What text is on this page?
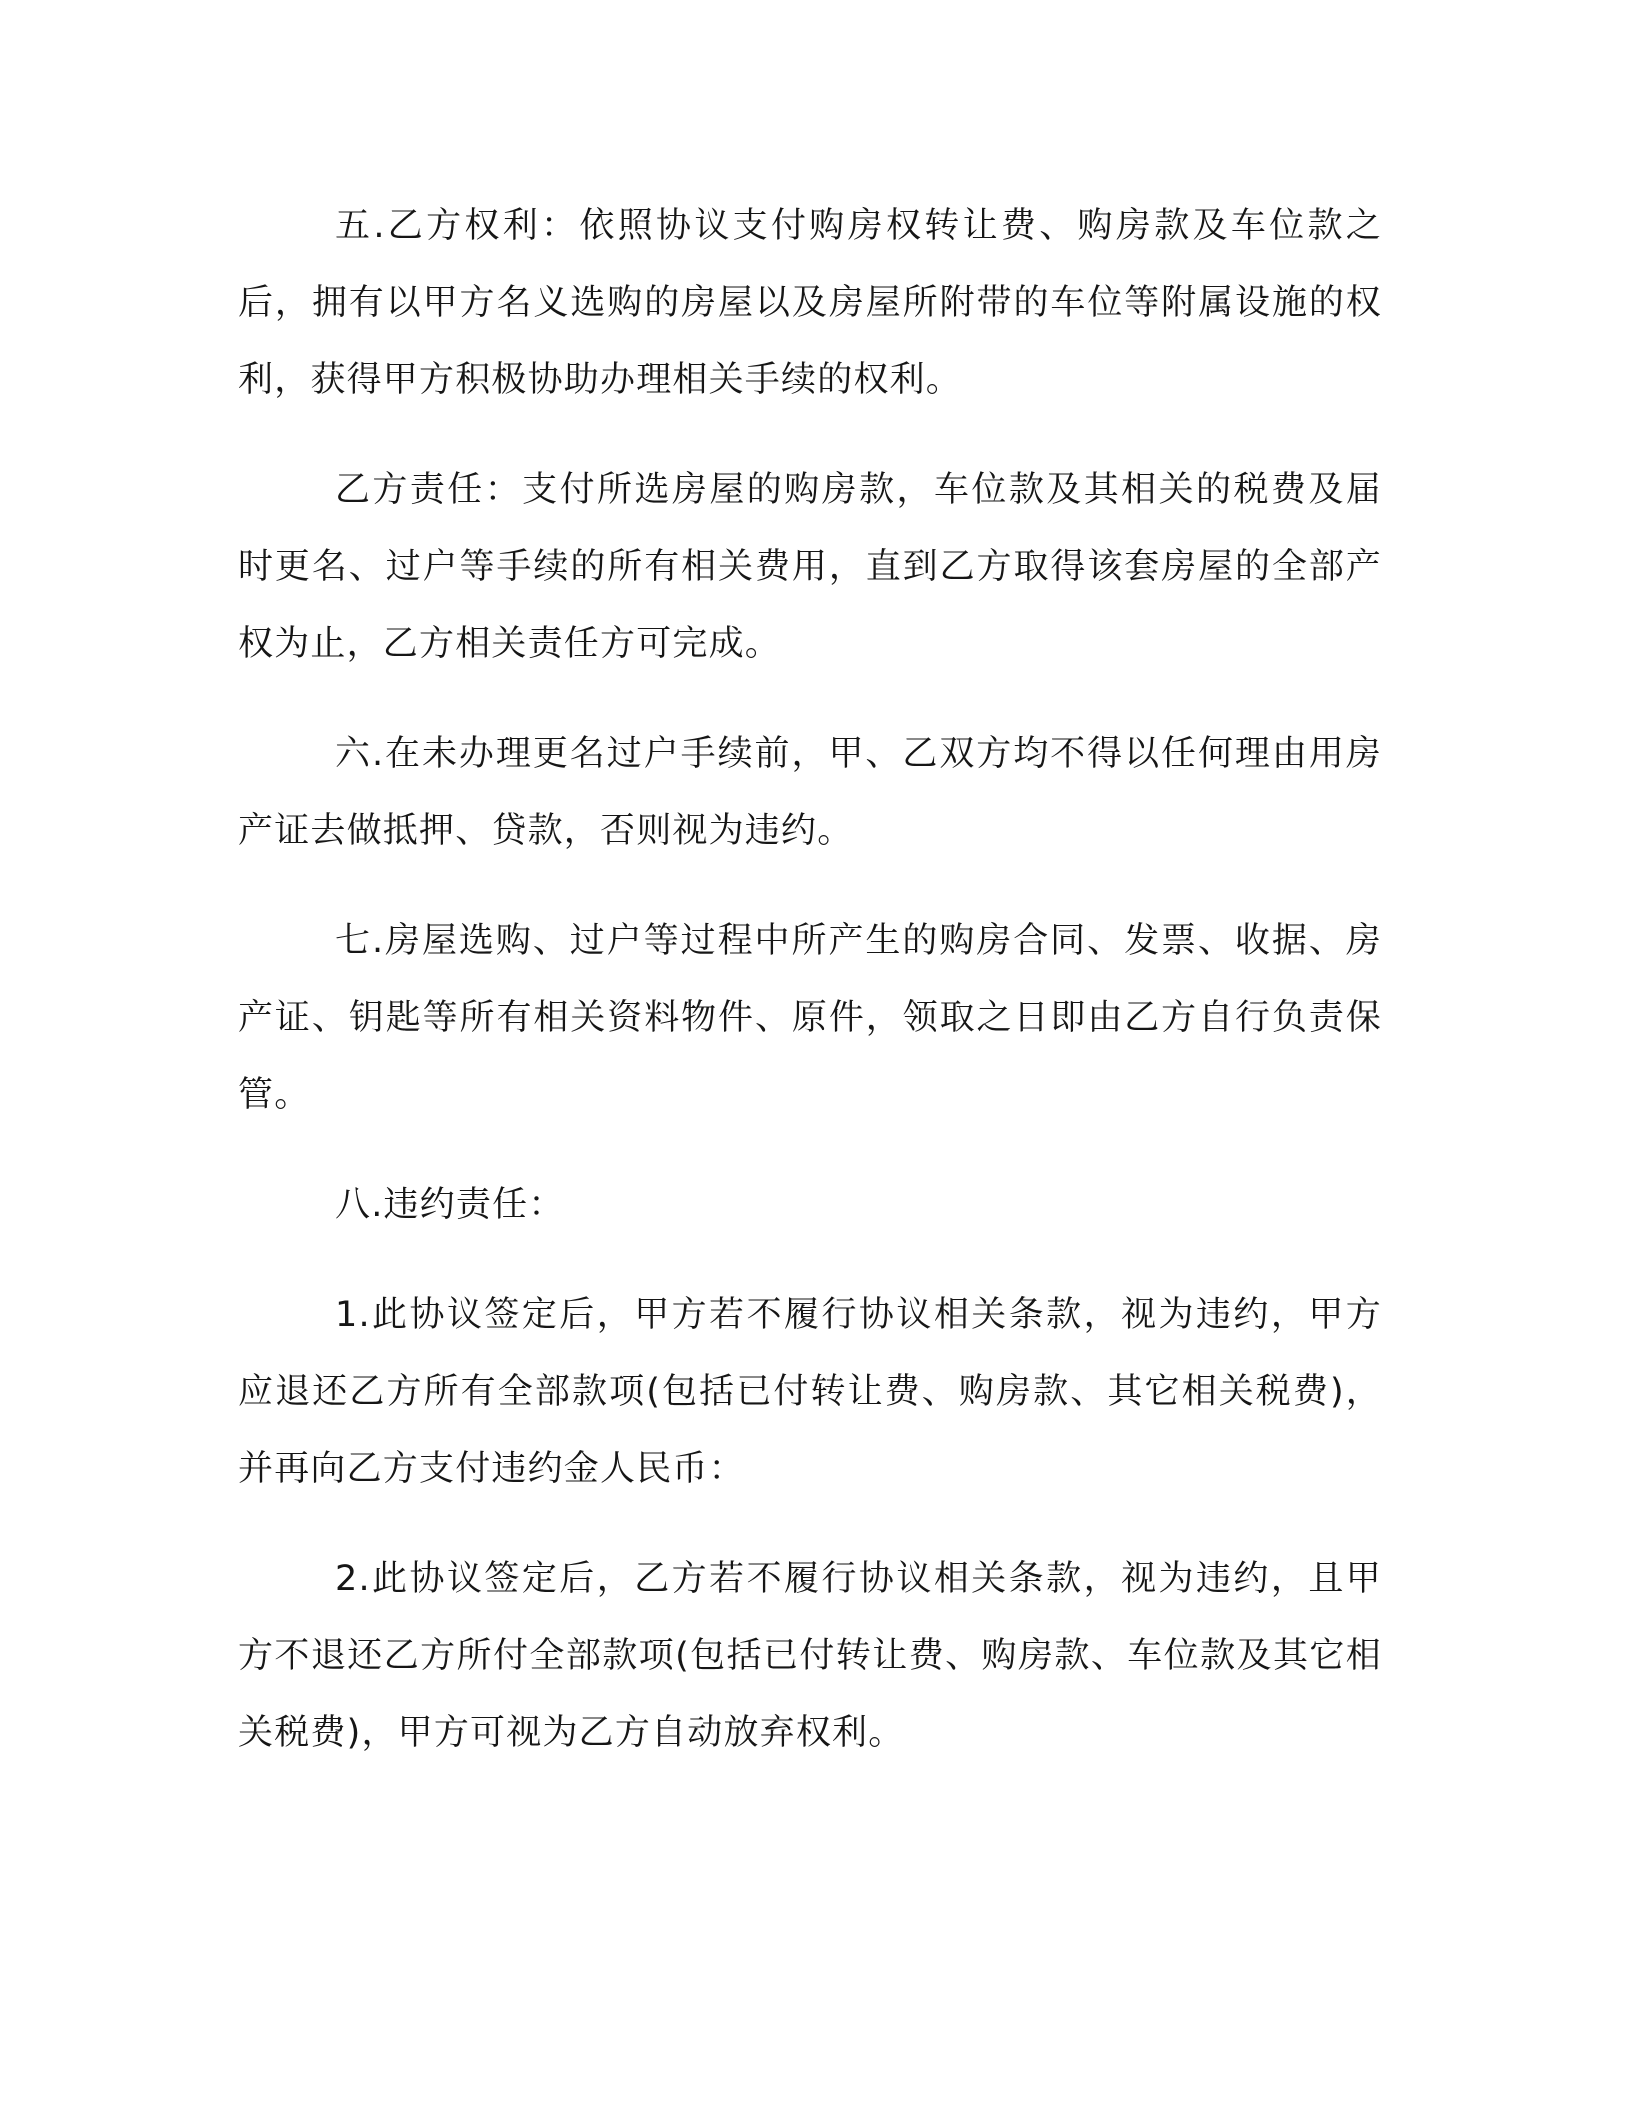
五.乙方权利：依照协议支付购房权转让费、购房款及车位款之后，拥有以甲方名义选购的房屋以及房屋所附带的车位等附属设施的权利，获得甲方积极协助办理相关手续的权利。

乙方责任：支付所选房屋的购房款，车位款及其相关的税费及届时更名、过户等手续的所有相关费用，直到乙方取得该套房屋的全部产权为止，乙方相关责任方可完成。

六.在未办理更名过户手续前，甲、乙双方均不得以任何理由用房产证去做抵押、贷款，否则视为违约。

七.房屋选购、过户等过程中所产生的购房合同、发票、收据、房产证、钥匙等所有相关资料物件、原件，领取之日即由乙方自行负责保管。

八.违约责任：

1.此协议签定后，甲方若不履行协议相关条款，视为违约，甲方应退还乙方所有全部款项(包括已付转让费、购房款、其它相关税费)，并再向乙方支付违约金人民币：

2.此协议签定后，乙方若不履行协议相关条款，视为违约，且甲方不退还乙方所付全部款项(包括已付转让费、购房款、车位款及其它相关税费)，甲方可视为乙方自动放弃权利。
